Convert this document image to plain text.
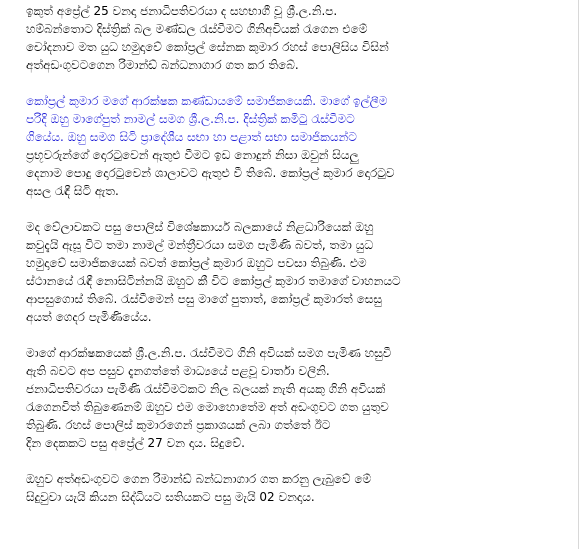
ඉකුත් අප්‍රේල් 25 වනදා ජනාධිපතිවරයා ද සහභාගී වූ ශ්‍රී.ල.නි.ප.
හම්බන්තොට දිස්ත්‍රික් බල මණ්ඩල රැස්වීමට ගිනිඅවියක් රැගෙන එමේ
චෝදනාව මත යුධ හමුදාවේ කෝප්‍රල් සේනක කුමාර රහස් පොලිසිය විසින්
අත්අඩංගුවටගෙන රිමාන්ඩ් බන්ධනාගාර ගත කර තිබේ.
කෝප්‍රල් කුමාර මගේ ආරක්ෂක කණ්ඩායමේ සමාජිකයෙකි. මාගේ ඉල්ලීම
පරිදි ඔහු මාගේපුත් නාමල් සමග ශ්‍රී.ල.නි.ප. දිස්ත්‍රික් කමිටු රැස්වීමට
ගියේය. ඔහු සමග සිටි ප්‍රාදේශීය සභා හා පළාත් සභා සමාජිකයන්ට
ප්‍රභූවරුන්ගේ දොරටුවෙන් ඇතුළු වීමට ඉඩ නොදුන් නිසා ඔවුන් සියලු
දෙනාම පොදු දොරටුවෙන් ශාලාවට ඇතුළු වී තිබේ. කෝප්‍රල් කුමාර දොරටුව
අසල රැඳී සිටි ඇත.
මද වේලාවකට පසු පොලිස් විශේෂකාර්ය බලකායේ නිළධාරියෙක් ඔහු
කවුදැයි ඇසූ විට තමා නාමල් මන්ත්‍රීවරයා සමග පැමිණි බවත්, තමා යුධ
හමුදාවේ සමාජිකයෙක් බවත් කෝප්‍රල් කුමාර ඔහුට පවසා තිබුණි. එම
ස්ථානයේ රැඳී නොසිටින්නයි ඔහුට කී විට කෝප්‍රල් කුමාර තමාගේ වාහනයට
ආපසුගොස් තිබේ. රැස්වීමෙන් පසු මාගේ පුතාත්, කෝප්‍රල් කුමාරත් සෙසු
අයත් ගෙදර පැමිණියේය.
මාගේ ආරක්ෂකයෙක් ශ්‍රී.ල.නි.ප. රැස්වීමට ගිනි අවියක් සමග පැමිණ හසුවී
ඇති බවට අප පසුව දැනගත්තේ මාධ්‍යයේ පළවූ වාර්තා වලිනි.
ජනාධිපතිවරයා පැමිණි රැස්වීමටකට නිල බලයක් නැති අයකු ගිනි අවියක්
රැගෙනවිත් තිබුණෙනම් ඔහුව එම මොහොතේම අත් අඩංගුවට ගත යුතුව
තිබුණි. රහස් පොලිස් කුමාරගෙන් ප්‍රකාශයක් ලබා ගත්තේ ඊට
දින දෙකකට පසු අප්‍රේල් 27 වන දාය. සිදුවේ.
ඔහුව අත්අඩංගුවට ගෙන රිමාන්ඩ් බන්ධනාගාර ගත කරනු ලැබුවේ මේ
සිදුවුවා යැයි කියන සිද්ධියට සතියකට පසු මැයි 02 වනදාය.
